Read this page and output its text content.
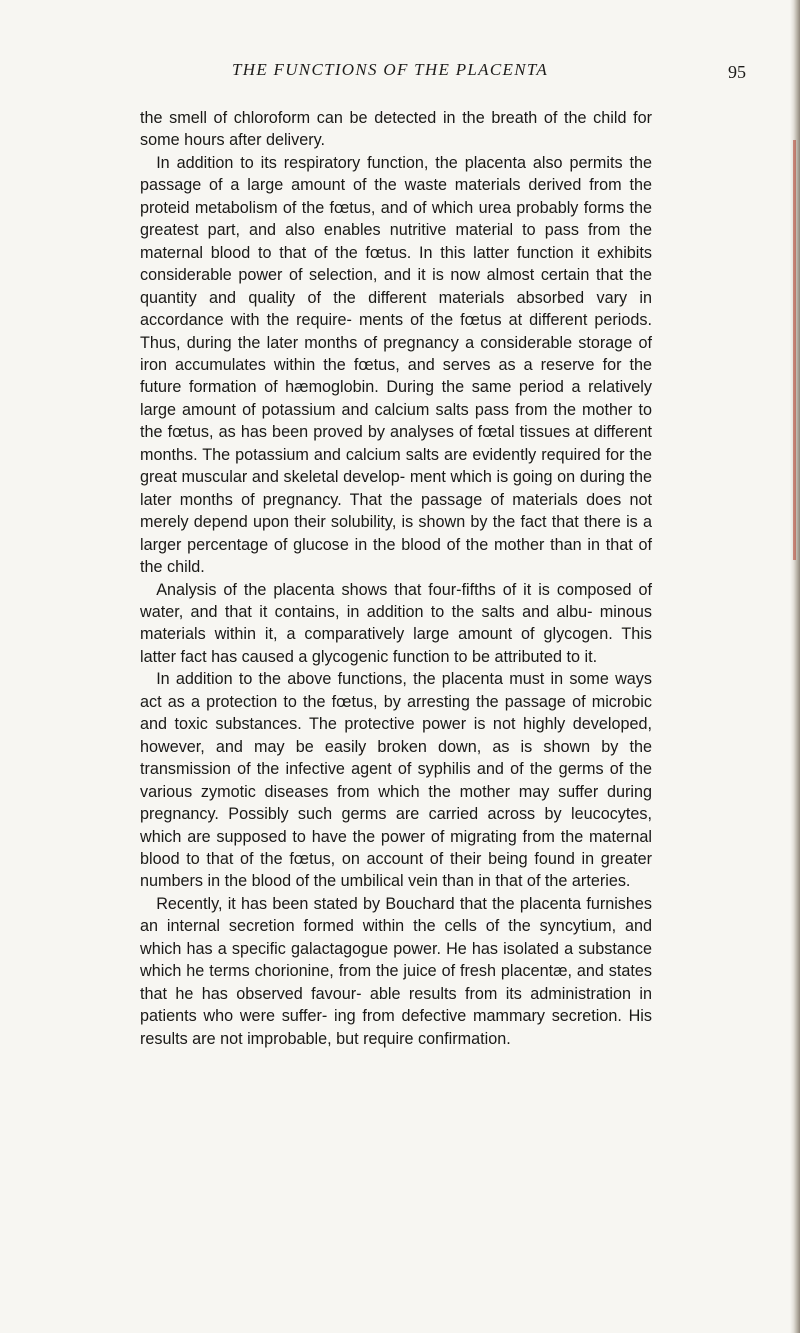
THE FUNCTIONS OF THE PLACENTA	95

the smell of chloroform can be detected in the breath of the child for some hours after delivery.

In addition to its respiratory function, the placenta also permits the passage of a large amount of the waste materials derived from the proteid metabolism of the fœtus, and of which urea probably forms the greatest part, and also enables nutritive material to pass from the maternal blood to that of the fœtus. In this latter function it exhibits considerable power of selection, and it is now almost certain that the quantity and quality of the different materials absorbed vary in accordance with the require- ments of the fœtus at different periods. Thus, during the later months of pregnancy a considerable storage of iron accumulates within the fœtus, and serves as a reserve for the future formation of hæmoglobin. During the same period a relatively large amount of potassium and calcium salts pass from the mother to the fœtus, as has been proved by analyses of fœtal tissues at different months. The potassium and calcium salts are evidently required for the great muscular and skeletal develop- ment which is going on during the later months of pregnancy. That the passage of materials does not merely depend upon their solubility, is shown by the fact that there is a larger percentage of glucose in the blood of the mother than in that of the child.

Analysis of the placenta shows that four-fifths of it is composed of water, and that it contains, in addition to the salts and albu- minous materials within it, a comparatively large amount of glycogen. This latter fact has caused a glycogenic function to be attributed to it.

In addition to the above functions, the placenta must in some ways act as a protection to the fœtus, by arresting the passage of microbic and toxic substances. The protective power is not highly developed, however, and may be easily broken down, as is shown by the transmission of the infective agent of syphilis and of the germs of the various zymotic diseases from which the mother may suffer during pregnancy. Possibly such germs are carried across by leucocytes, which are supposed to have the power of migrating from the maternal blood to that of the fœtus, on account of their being found in greater numbers in the blood of the umbilical vein than in that of the arteries.

Recently, it has been stated by Bouchard that the placenta furnishes an internal secretion formed within the cells of the syncytium, and which has a specific galactagogue power. He has isolated a substance which he terms chorionine, from the juice of fresh placentæ, and states that he has observed favour- able results from its administration in patients who were suffer- ing from defective mammary secretion. His results are not improbable, but require confirmation.
